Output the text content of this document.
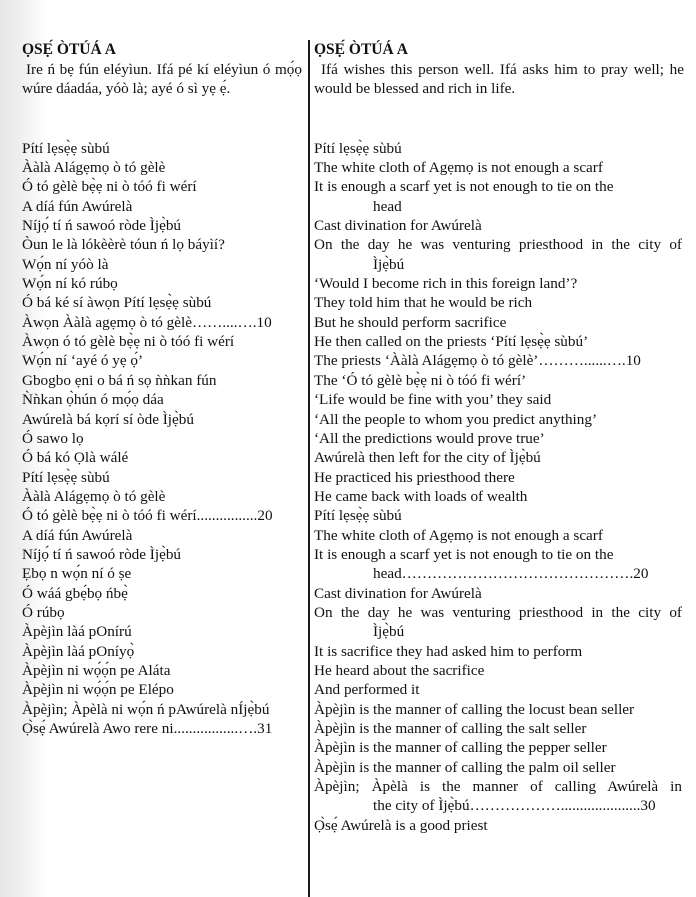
ỌSẸ́ ÒTÚÁ A

Ire ń bẹ fún eléyìun. Ifá pé kí eléyìun ó mọ́ọ wúre dáadáa, yóò là; ayé ó sì yẹ ẹ́.

Pítí lẹsẹ̀ẹ sùbú
Ààlà Alágẹmọ ò tó gèlè
Ó tó gèlè bẹ̀ẹ ni ò tóó fi wérí
A díá fún Awúrelà
Níjọ́ tí ń sawoó ròde Ìjẹ̀bú
Òun le là lókèèrè tóun ń lọ báyìí?
Wọ́n ní yóò là
Wọ́n ní kó rúbọ
Ó bá ké sí àwọn Pítí lẹsẹ̀ẹ sùbú
Àwọn Ààlà agẹmọ ò tó gèlè……....….10
Àwọn ó tó gèlè bẹ̀ẹ ni ò tóó fi wérí
Wọ́n ní ‘ayé ó yẹ ọ́’
Gbogbo ẹni o bá ń sọ ǹǹkan fún
Ǹǹkan ọ̀hún ó mọ́ọ dáa
Awúrelà bá kọrí sí òde Ìjẹ̀bú
Ó sawo lọ
Ó bá kó Ọlà wálé
Pítí lẹsẹ̀ẹ sùbú
Ààlà Alágẹmọ ò tó gèlè
Ó tó gèlè bẹ̀ẹ ni ò tóó fi wérí................20
A díá fún Awúrelà
Níjọ́ tí ń sawoó ròde Ìjẹ̀bú
Ẹbọ n wọ́n ní ó ṣe
Ó wáá gbẹ́bọ ńbẹ̀
Ó rúbọ
Àpèjìn làá pOnírú
Àpèjìn làá pOníyọ̀
Àpèjìn ni wọ́ọ́n pe Aláta
Àpèjìn ni wọ́ọ́n pe Elépo
Àpèjìn; Àpèlà ni wọ́n ń pAwúrelà nÍjẹ̀bú
Ọ̀sẹ́ Awúrelà Awo rere ni.................….31

ỌSẸ́ ÒTÚÁ A

Ifá wishes this person well. Ifá asks him to pray well; he would be blessed and rich in life.

Pítí lẹsẹ̀ẹ sùbú
The white cloth of Agẹmọ is not enough a scarf
It is enough a scarf yet is not enough to tie on the
head
Cast divination for Awúrelà
On the day he was venturing priesthood in the city of
Ìjẹ̀bú
‘Would I become rich in this foreign land’?
They told him that he would be rich
But he should perform sacrifice
He then called on the priests ‘Pítí lẹsẹ̀ẹ sùbú’
The priests ‘Ààlà Alágẹmọ ò tó gèlè’………......….10
The ‘Ó tó gèlè bẹ̀ẹ ni ò tóó fi wérí’
‘Life would be fine with you’ they said
‘All the people to whom you predict anything’
‘All the predictions would prove true’
Awúrelà then left for the city of Ìjẹ̀bú
He practiced his priesthood there
He came back with loads of wealth
Pítí lẹsẹ̀ẹ sùbú
The white cloth of Agẹmọ is not enough a scarf
It is enough a scarf yet is not enough to tie on the
head……………………………………….20
Cast divination for Awúrelà
On the day he was venturing priesthood in the city of
Ìjẹ̀bú
It is sacrifice they had asked him to perform
He heard about the sacrifice
And performed it
Àpèjìn is the manner of calling the locust bean seller
Àpèjìn is the manner of calling the salt seller
Àpèjìn is the manner of calling the pepper seller
Àpèjìn is the manner of calling the palm oil seller
Àpèjìn; Àpèlà is the manner of calling Awúrelà in
the city of Ìjẹ̀bú……………….....................30
Ọ̀sẹ́ Awúrelà is a good priest
